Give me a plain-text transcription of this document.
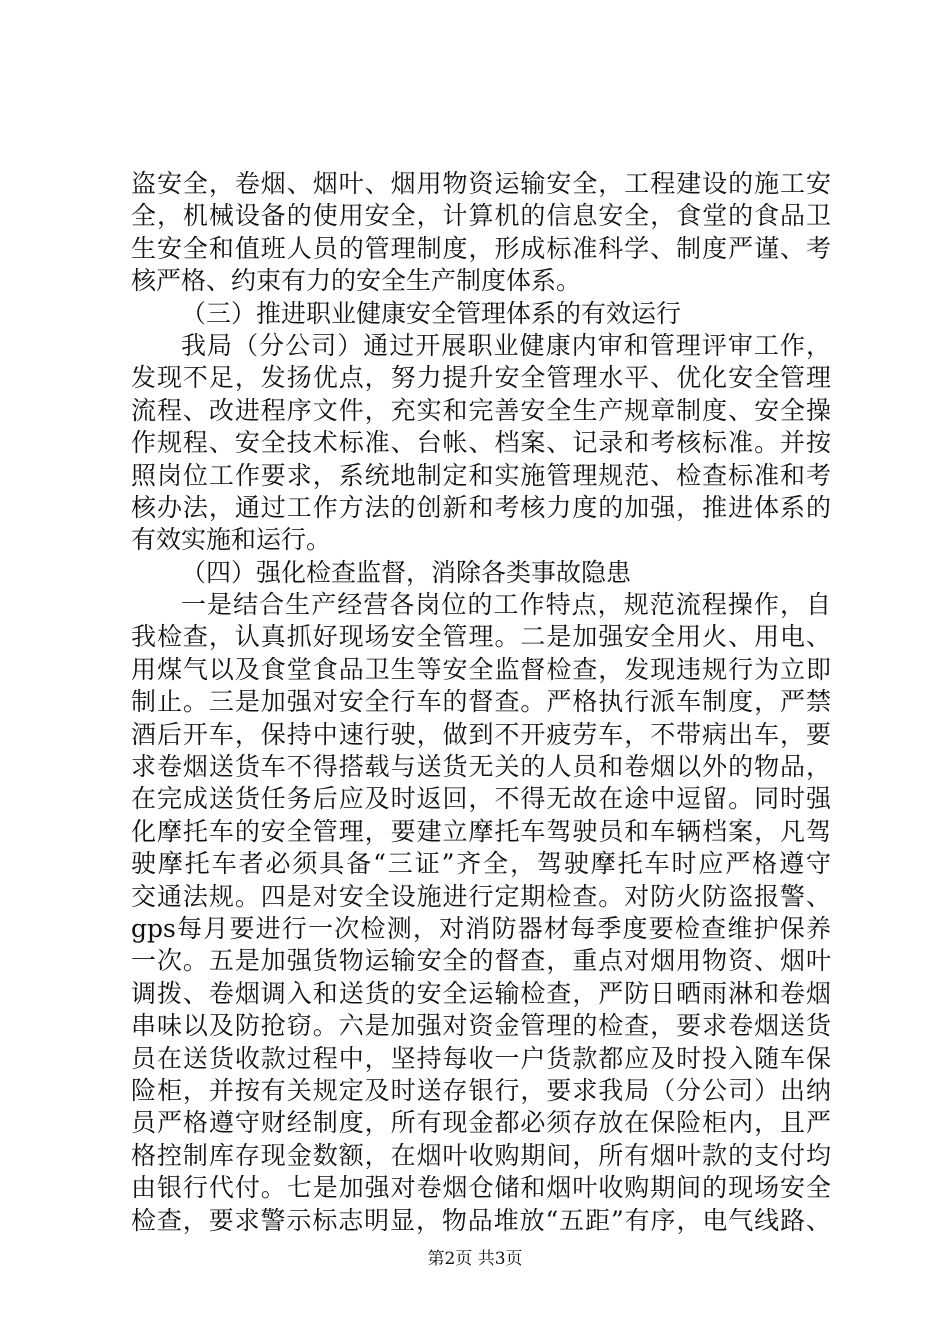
盗安全，卷烟、烟叶、烟用物资运输安全，工程建设的施工安
全，机械设备的使用安全，计算机的信息安全，食堂的食品卫
生安全和值班人员的管理制度，形成标准科学、制度严谨、考
核严格、约束有力的安全生产制度体系。
（三）推进职业健康安全管理体系的有效运行
我局（分公司）通过开展职业健康内审和管理评审工作，
发现不足，发扬优点，努力提升安全管理水平、优化安全管理
流程、改进程序文件，充实和完善安全生产规章制度、安全操
作规程、安全技术标准、台帐、档案、记录和考核标准。并按
照岗位工作要求，系统地制定和实施管理规范、检查标准和考
核办法，通过工作方法的创新和考核力度的加强，推进体系的
有效实施和运行。
（四）强化检查监督，消除各类事故隐患
一是结合生产经营各岗位的工作特点，规范流程操作，自
我检查，认真抓好现场安全管理。二是加强安全用火、用电、
用煤气以及食堂食品卫生等安全监督检查，发现违规行为立即
制止。三是加强对安全行车的督查。严格执行派车制度，严禁
酒后开车，保持中速行驶，做到不开疲劳车，不带病出车，要
求卷烟送货车不得搭载与送货无关的人员和卷烟以外的物品，
在完成送货任务后应及时返回，不得无故在途中逗留。同时强
化摩托车的安全管理，要建立摩托车驾驶员和车辆档案，凡驾
驶摩托车者必须具备“三证”齐全，驾驶摩托车时应严格遵守
交通法规。四是对安全设施进行定期检查。对防火防盗报警、
gps每月要进行一次检测，对消防器材每季度要检查维护保养
一次。五是加强货物运输安全的督查，重点对烟用物资、烟叶
调拨、卷烟调入和送货的安全运输检查，严防日晒雨淋和卷烟
串味以及防抢窃。六是加强对资金管理的检查，要求卷烟送货
员在送货收款过程中，坚持每收一户货款都应及时投入随车保
险柜，并按有关规定及时送存银行，要求我局（分公司）出纳
员严格遵守财经制度，所有现金都必须存放在保险柜内，且严
格控制库存现金数额，在烟叶收购期间，所有烟叶款的支付均
由银行代付。七是加强对卷烟仓储和烟叶收购期间的现场安全
检查，要求警示标志明显，物品堆放“五距”有序，电气线路、
第2页 共3页
